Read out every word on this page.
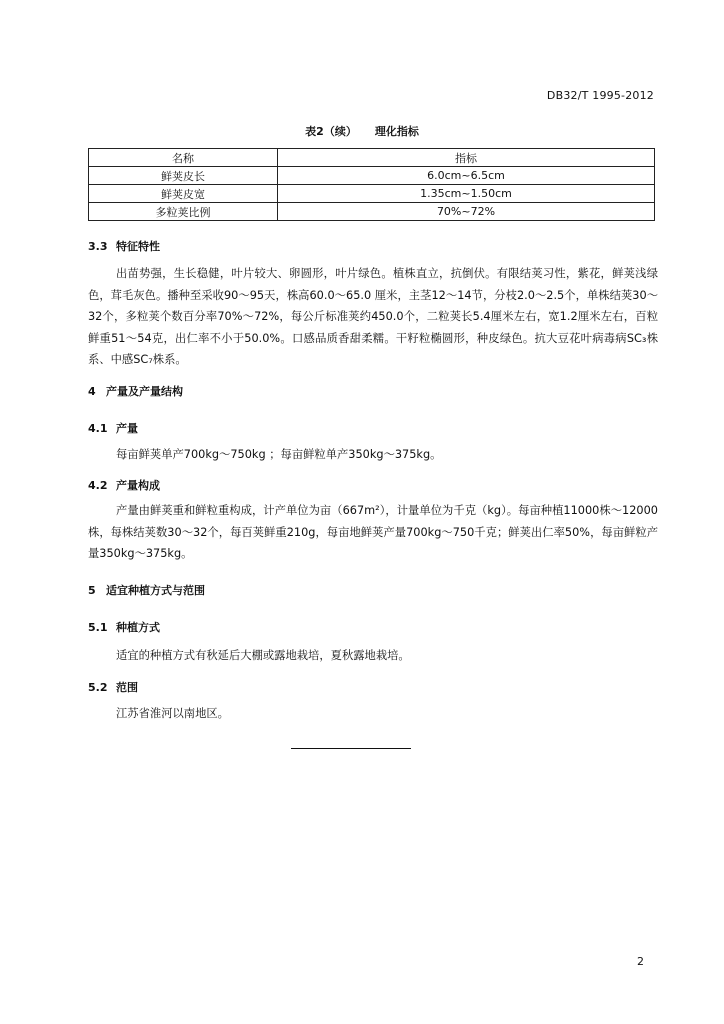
DB32/T 1995-2012
表2（续） 理化指标
名称	指标
鲜荚皮长	6.0cm~6.5cm
鲜荚皮宽	1.35cm~1.50cm
多粒荚比例	70%~72%
3.3 特征特性
出苗势强，生长稳健，叶片较大、卵圆形，叶片绿色。植株直立，抗倒伏。有限结荚习性，紫花，鲜荚浅绿色，茸毛灰色。播种至采收90～95天，株高60.0～65.0 厘米，主茎12～14节，分枝2.0～2.5个，单株结荚30～32个，多粒荚个数百分率70%～72%，每公斤标准荚约450.0个，二粒荚长5.4厘米左右，宽1.2厘米左右，百粒鲜重51～54克，出仁率不小于50.0%。口感品质香甜柔糯。干籽粒椭圆形，种皮绿色。抗大豆花叶病毒病SC₃株系、中感SC₇株系。
4 产量及产量结构
4.1 产量
每亩鲜荚单产700kg～750kg ；每亩鲜粒单产350kg～375kg。
4.2 产量构成
产量由鲜荚重和鲜粒重构成，计产单位为亩（667m²），计量单位为千克（kg）。每亩种植11000株～12000株，每株结荚数30～32个，每百荚鲜重210g，每亩地鲜荚产量700kg～750千克；鲜荚出仁率50%，每亩鲜粒产量350kg～375kg。
5 适宜种植方式与范围
5.1 种植方式
适宜的种植方式有秋延后大棚或露地栽培，夏秋露地栽培。
5.2 范围
江苏省淮河以南地区。
2
